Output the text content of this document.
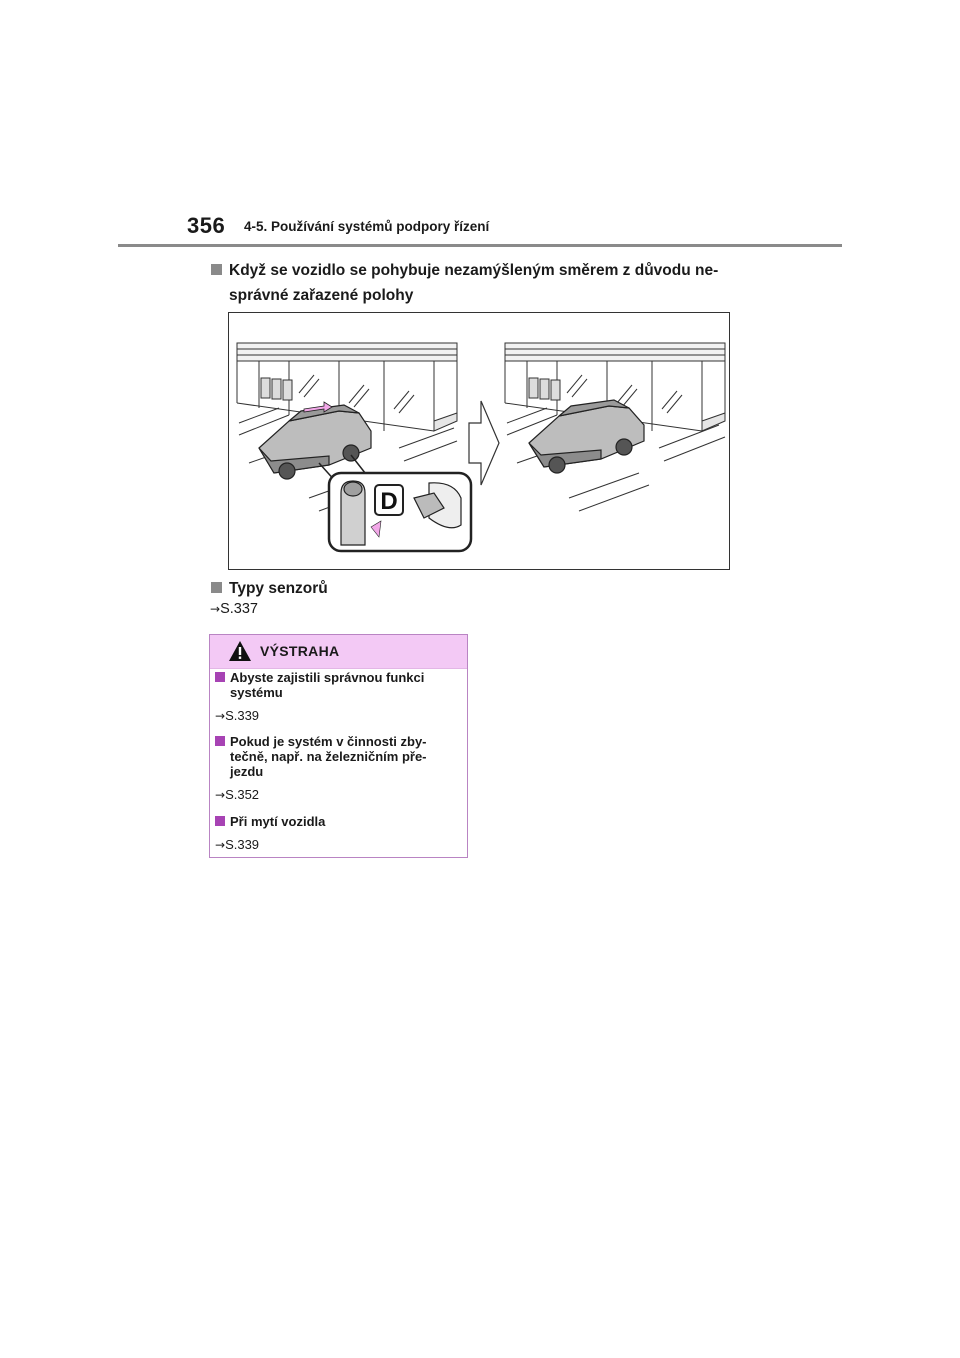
356 4-5. Používání systémů podpory řízení
Když se vozidlo se pohybuje nezamýšleným směrem z důvodu ne-
správné zařazené polohy
D
Typy senzorů
→S.337
VÝSTRAHA
Abyste zajistili správnou funkci
systému
→S.339
Pokud je systém v činnosti zby-
tečně, např. na železničním pře-
jezdu
→S.352
Při mytí vozidla
→S.339
